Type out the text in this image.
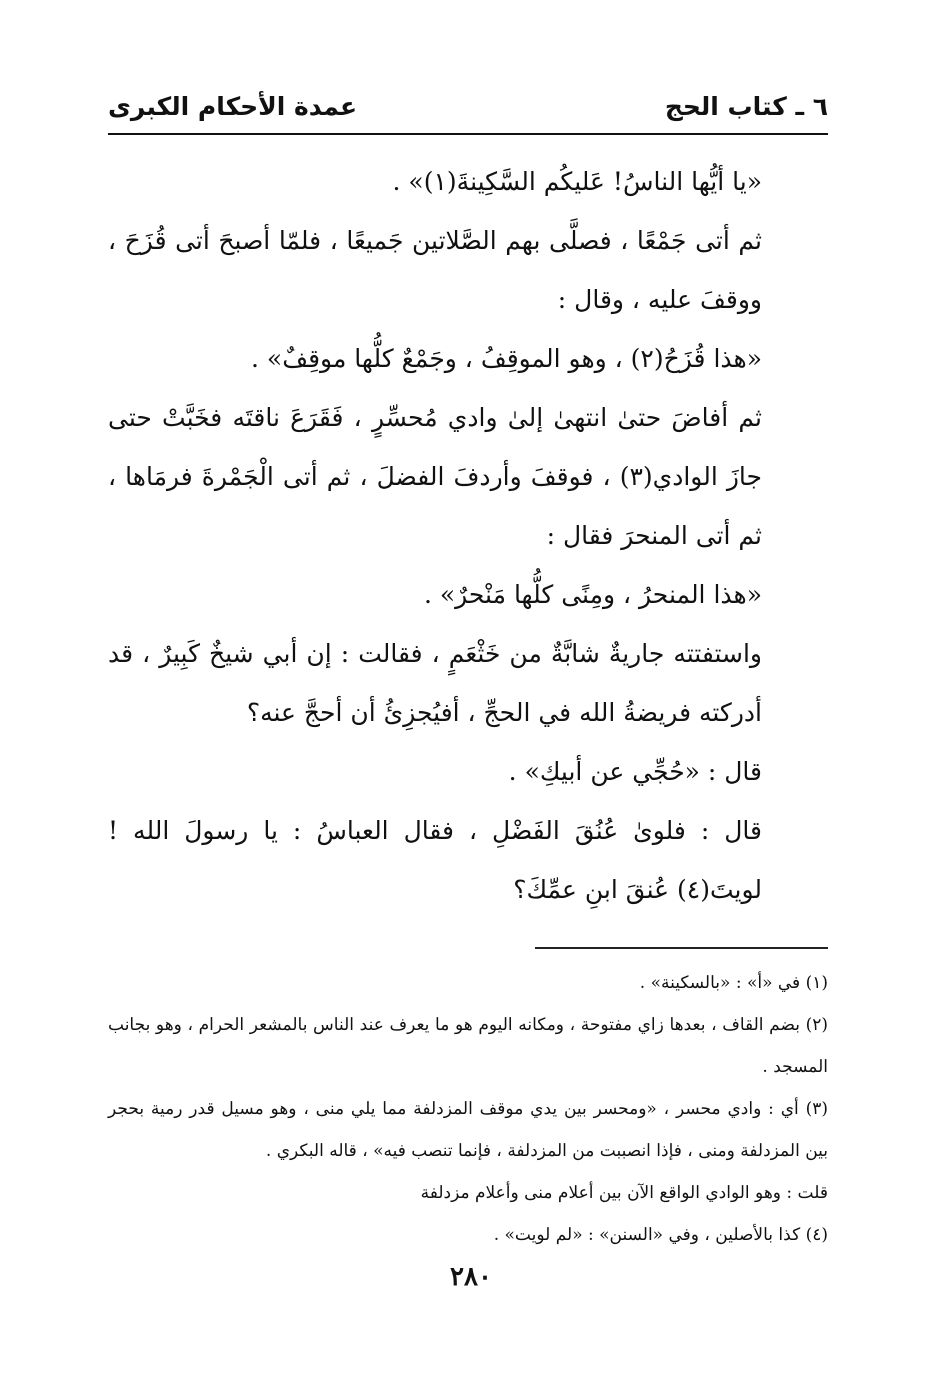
٦ ـ كتاب الحج
عمدة الأحكام الكبرى

«يا أيُّها الناسُ! عَليكُم السَّكِينةَ(١)» .

ثم أتى جَمْعًا ، فصلَّى بهم الصَّلاتين جَميعًا ، فلمّا أصبحَ أتى قُزَحَ ، ووقفَ عليه ، وقال :

«هذا قُزَحُ(٢) ، وهو الموقِفُ ، وجَمْعٌ كلُّها موقِفٌ» .

ثم أفاضَ حتىٰ انتهىٰ إلىٰ وادي مُحسِّرٍ ، فَقَرَعَ ناقتَه فخَبَّتْ حتى جازَ الوادي(٣) ، فوقفَ وأردفَ الفضلَ ، ثم أتى الْجَمْرةَ فرمَاها ، ثم أتى المنحرَ فقال :

«هذا المنحرُ ، ومِنًى كلُّها مَنْحرٌ» .

واستفتته جاريةٌ شابَّةٌ من خَثْعَمٍ ، فقالت : إن أبي شيخٌ كَبِيرٌ ، قد أدركته فريضةُ الله في الحجِّ ، أفيُجزِئُ أن أحجَّ عنه؟

قال : «حُجِّي عن أبيكِ» .

قال : فلوىٰ عُنُقَ الفَضْلِ ، فقال العباسُ : يا رسولَ الله !لويتَ(٤) عُنقَ ابنِ عمِّكَ؟

(١) في «أ» : «بالسكينة» .

(٢) بضم القاف ، بعدها زاي مفتوحة ، ومكانه اليوم هو ما يعرف عند الناس بالمشعر الحرام ، وهو بجانب المسجد .

(٣) أي : وادي محسر ، «ومحسر بين يدي موقف المزدلفة مما يلي منى ، وهو مسيل قدر رمية بحجر بين المزدلفة ومنى ، فإذا انصببت من المزدلفة ، فإنما تنصب فيه» ، قاله البكري .

قلت : وهو الوادي الواقع الآن بين أعلام منى وأعلام مزدلفة

(٤) كذا بالأصلين ، وفي «السنن» : «لم لويت» .

٢٨٠
